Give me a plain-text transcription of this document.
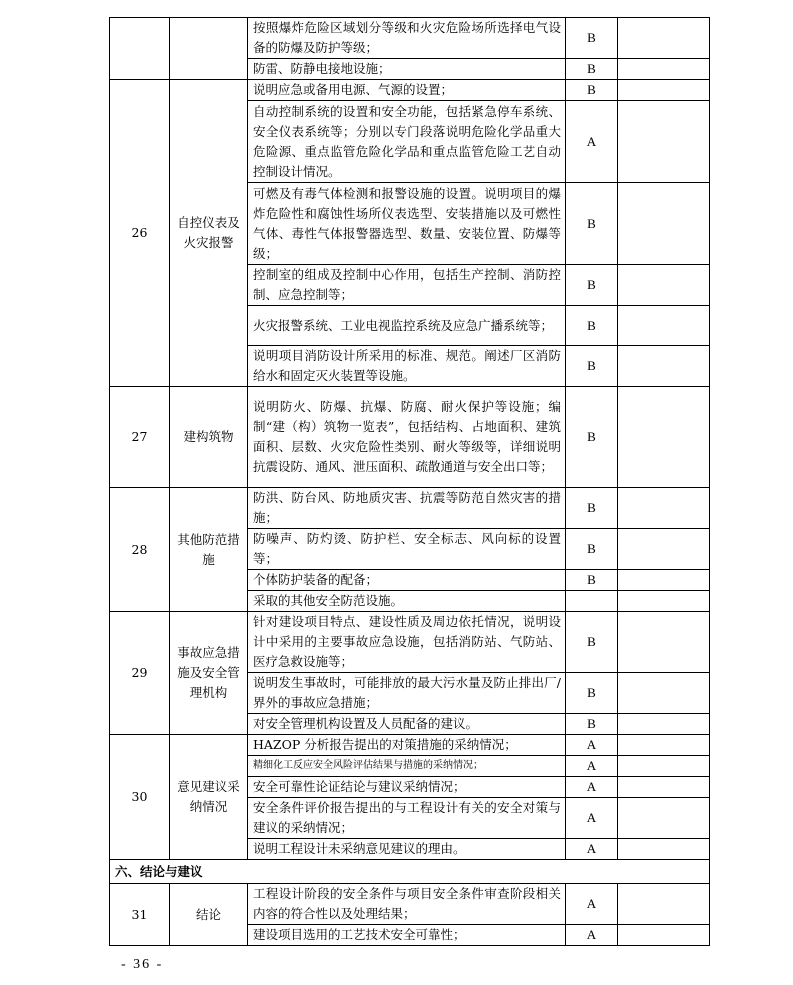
		按照爆炸危险区域划分等级和火灾危险场所选择电气设备的防爆及防护等级；	B	
		防雷、防静电接地设施；	B	
26	自控仪表及火灾报警	说明应急或备用电源、气源的设置；	B	
		自动控制系统的设置和安全功能，包括紧急停车系统、安全仪表系统等；分别以专门段落说明危险化学品重大危险源、重点监管危险化学品和重点监管危险工艺自动控制设计情况。	A	
		可燃及有毒气体检测和报警设施的设置。说明项目的爆炸危险性和腐蚀性场所仪表选型、安装措施以及可燃性气体、毒性气体报警器选型、数量、安装位置、防爆等级；	B	
		控制室的组成及控制中心作用，包括生产控制、消防控制、应急控制等；	B	
		火灾报警系统、工业电视监控系统及应急广播系统等；	B	
		说明项目消防设计所采用的标准、规范。阐述厂区消防给水和固定灭火装置等设施。	B	
27	建构筑物	说明防火、防爆、抗爆、防腐、耐火保护等设施；编制“建（构）筑物一览表”，包括结构、占地面积、建筑面积、层数、火灾危险性类别、耐火等级等，详细说明抗震设防、通风、泄压面积、疏散通道与安全出口等；	B	
28	其他防范措施	防洪、防台风、防地质灾害、抗震等防范自然灾害的措施；	B	
		防噪声、防灼烫、防护栏、安全标志、风向标的设置等；	B	
		个体防护装备的配备；	B	
		采取的其他安全防范设施。		
29	事故应急措施及安全管理机构	针对建设项目特点、建设性质及周边依托情况，说明设计中采用的主要事故应急设施，包括消防站、气防站、医疗急救设施等；	B	
		说明发生事故时，可能排放的最大污水量及防止排出厂/界外的事故应急措施；	B	
		对安全管理机构设置及人员配备的建议。	B	
30	意见建议采纳情况	HAZOP 分析报告提出的对策措施的采纳情况；	A	
		精细化工反应安全风险评估结果与措施的采纳情况；	A	
		安全可靠性论证结论与建议采纳情况；	A	
		安全条件评价报告提出的与工程设计有关的安全对策与建议的采纳情况；	A	
		说明工程设计未采纳意见建议的理由。	A	
六、结论与建议				
31	结论	工程设计阶段的安全条件与项目安全条件审查阶段相关内容的符合性以及处理结果；	A	
		建设项目选用的工艺技术安全可靠性；	A	
- 36 -
